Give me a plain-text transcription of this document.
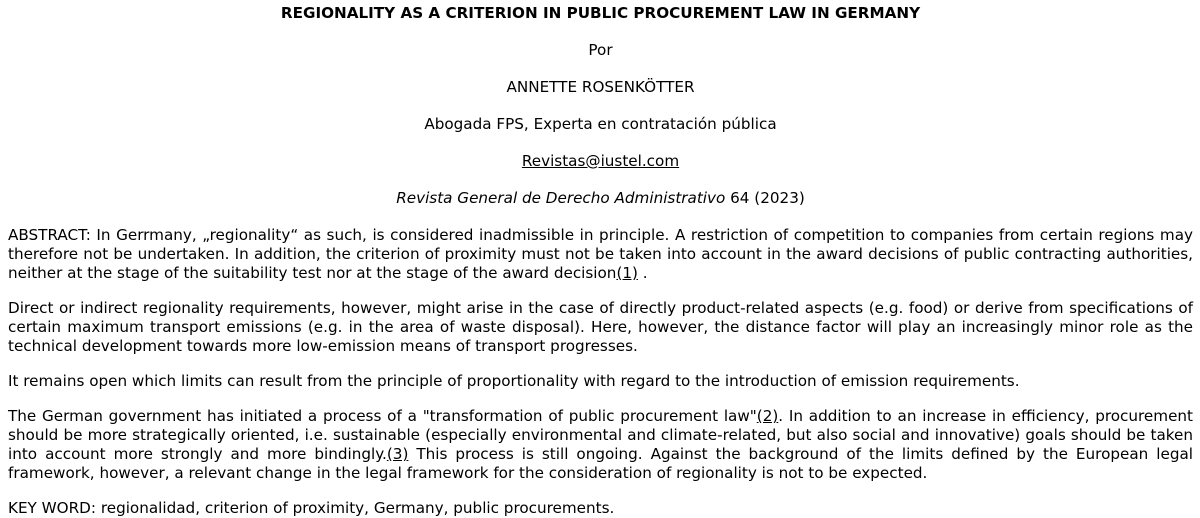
REGIONALITY AS A CRITERION IN PUBLIC PROCUREMENT LAW IN GERMANY

Por

ANNETTE ROSENKÖTTER

Abogada FPS, Experta en contratación pública

Revistas@iustel.com

Revista General de Derecho Administrativo 64 (2023)

ABSTRACT: In Gerrmany, „regionality“ as such, is considered inadmissible in principle. A restriction of competition to companies from certain regions may therefore not be undertaken. In addition, the criterion of proximity must not be taken into account in the award decisions of public contracting authorities, neither at the stage of the suitability test nor at the stage of the award decision(1) .

Direct or indirect regionality requirements, however, might arise in the case of directly product-related aspects (e.g. food) or derive from specifications of certain maximum transport emissions (e.g. in the area of waste disposal). Here, however, the distance factor will play an increasingly minor role as the technical development towards more low-emission means of transport progresses.

It remains open which limits can result from the principle of proportionality with regard to the introduction of emission requirements.

The German government has initiated a process of a "transformation of public procurement law"(2). In addition to an increase in efficiency, procurement should be more strategically oriented, i.e. sustainable (especially environmental and climate-related, but also social and innovative) goals should be taken into account more strongly and more bindingly.(3) This process is still ongoing. Against the background of the limits defined by the European legal framework, however, a relevant change in the legal framework for the consideration of regionality is not to be expected.

KEY WORD: regionalidad, criterion of proximity, Germany, public procurements.
